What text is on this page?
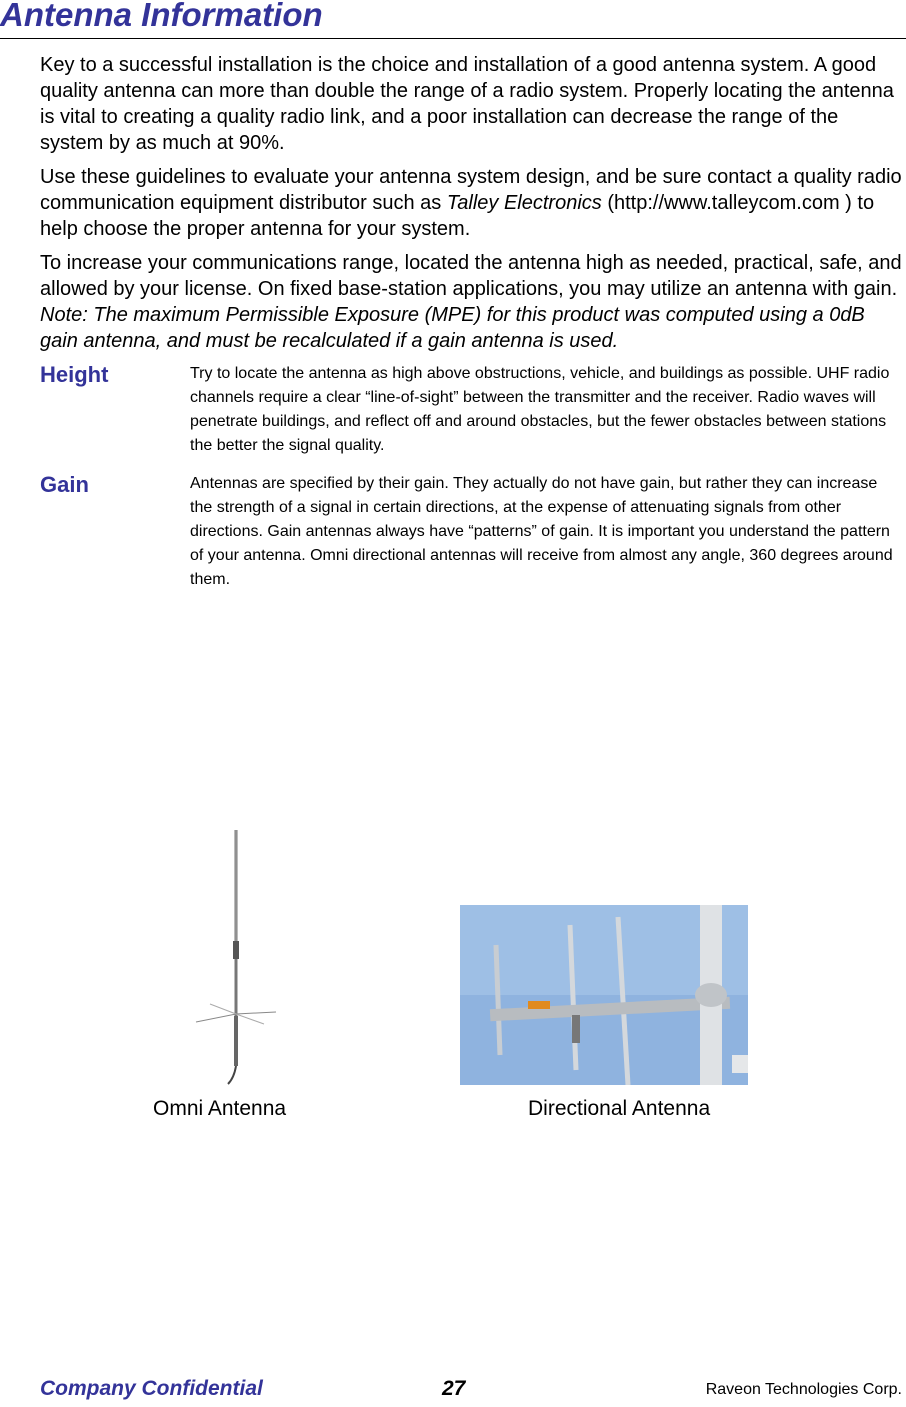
Antenna Information

Key to a successful installation is the choice and installation of a good antenna system. A good quality antenna can more than double the range of a radio system. Properly locating the antenna is vital to creating a quality radio link, and a poor installation can decrease the range of the system by as much at 90%.

Use these guidelines to evaluate your antenna system design, and be sure contact a quality radio communication equipment distributor such as Talley Electronics (http://www.talleycom.com ) to help choose the proper antenna for your system.

To increase your communications range, located the antenna high as needed, practical, safe, and allowed by your license. On fixed base-station applications, you may utilize an antenna with gain. Note: The maximum Permissible Exposure (MPE) for this product was computed using a 0dB gain antenna, and must be recalculated if a gain antenna is used.

Height	Try to locate the antenna as high above obstructions, vehicle, and buildings as possible. UHF radio channels require a clear “line-of-sight” between the transmitter and the receiver. Radio waves will penetrate buildings, and reflect off and around obstacles, but the fewer obstacles between stations the better the signal quality.
Gain	Antennas are specified by their gain. They actually do not have gain, but rather they can increase the strength of a signal in certain directions, at the expense of attenuating signals from other directions. Gain antennas always have “patterns” of gain. It is important you understand the pattern of your antenna. Omni directional antennas will receive from almost any angle, 360 degrees around them.
Omni Antenna	Directional Antenna
Company Confidential	27	Raveon Technologies Corp.
